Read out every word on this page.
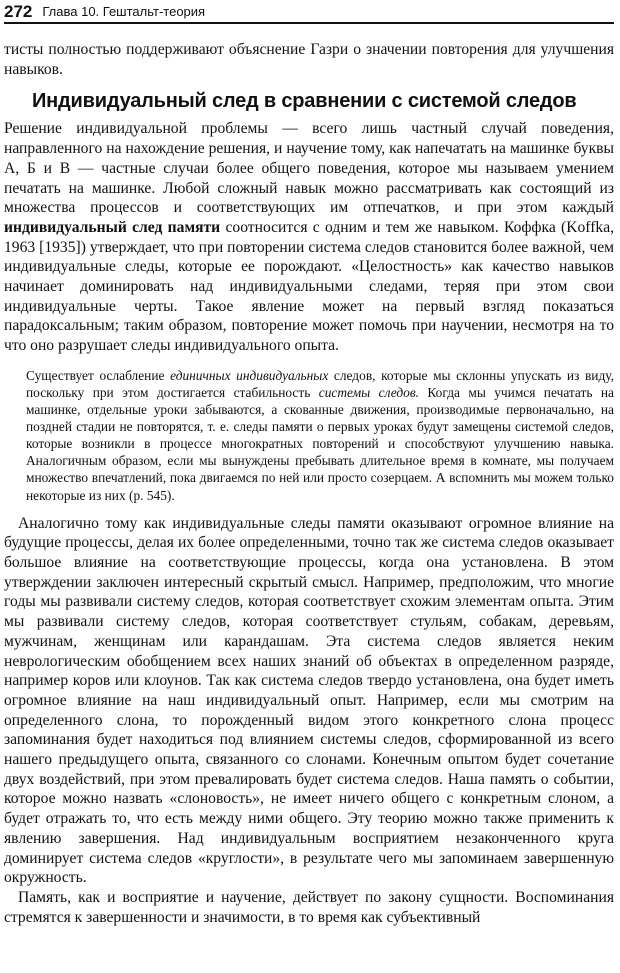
272 Глава 10. Гештальт-теория

тисты полностью поддерживают объяснение Газри о значении повторения для улучшения навыков.

Индивидуальный след в сравнении с системой следов

Решение индивидуальной проблемы — всего лишь частный случай поведения, направленного на нахождение решения, и научение тому, как напечатать на машинке буквы А, Б и В — частные случаи более общего поведения, которое мы называем умением печатать на машинке. Любой сложный навык можно рассматривать как состоящий из множества процессов и соответствующих им отпечатков, и при этом каждый индивидуальный след памяти соотносится с одним и тем же навыком. Коффка (Koffka, 1963 [1935]) утверждает, что при повторении система следов становится более важной, чем индивидуальные следы, которые ее порождают. «Целостность» как качество навыков начинает доминировать над индивидуальными следами, теряя при этом свои индивидуальные черты. Такое явление может на первый взгляд показаться парадоксальным; таким образом, повторение может помочь при научении, несмотря на то что оно разрушает следы индивидуального опыта.

Существует ослабление единичных индивидуальных следов, которые мы склонны упускать из виду, поскольку при этом достигается стабильность системы следов. Когда мы учимся печатать на машинке, отдельные уроки забываются, а скованные движения, производимые первоначально, на поздней стадии не повторятся, т. е. следы памяти о первых уроках будут замещены системой следов, которые возникли в процессе многократных повторений и способствуют улучшению навыка. Аналогичным образом, если мы вынуждены пребывать длительное время в комнате, мы получаем множество впечатлений, пока двигаемся по ней или просто созерцаем. А вспомнить мы можем только некоторые из них (р. 545).

Аналогично тому как индивидуальные следы памяти оказывают огромное влияние на будущие процессы, делая их более определенными, точно так же система следов оказывает большое влияние на соответствующие процессы, когда она установлена. В этом утверждении заключен интересный скрытый смысл. Например, предположим, что многие годы мы развивали систему следов, которая соответствует схожим элементам опыта. Этим мы развивали систему следов, которая соответствует стульям, собакам, деревьям, мужчинам, женщинам или карандашам. Эта система следов является неким неврологическим обобщением всех наших знаний об объектах в определенном разряде, например коров или клоунов. Так как система следов твердо установлена, она будет иметь огромное влияние на наш индивидуальный опыт. Например, если мы смотрим на определенного слона, то порожденный видом этого конкретного слона процесс запоминания будет находиться под влиянием системы следов, сформированной из всего нашего предыдущего опыта, связанного со слонами. Конечным опытом будет сочетание двух воздействий, при этом превалировать будет система следов. Наша память о событии, которое можно назвать «слоновость», не имеет ничего общего с конкретным слоном, а будет отражать то, что есть между ними общего. Эту теорию можно также применить к явлению завершения. Над индивидуальным восприятием незаконченного круга доминирует система следов «круглости», в результате чего мы запоминаем завершенную окружность.

Память, как и восприятие и научение, действует по закону сущности. Воспоминания стремятся к завершенности и значимости, в то время как субъективный
